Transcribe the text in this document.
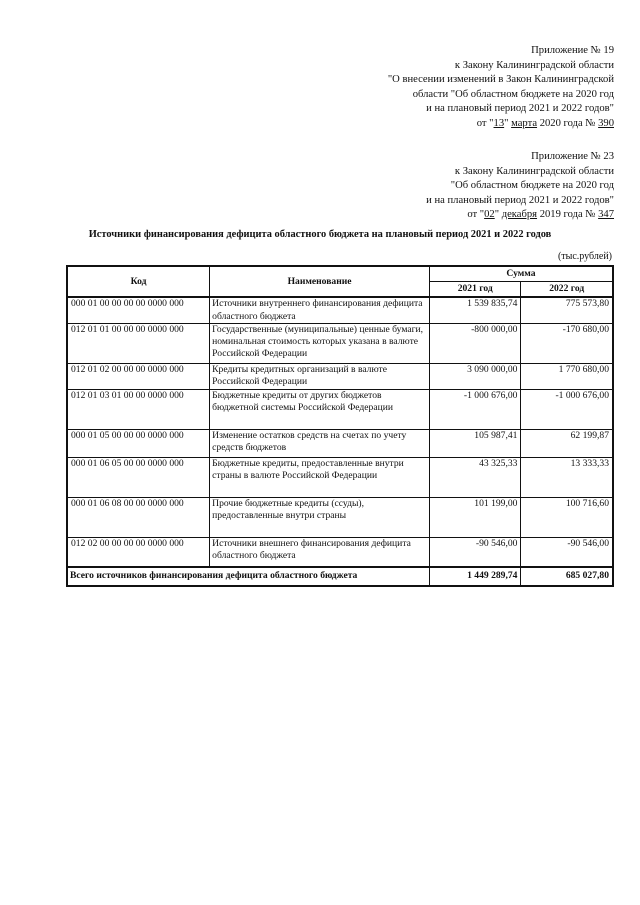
Приложение № 19
к Закону Калининградской области
"О внесении изменений в Закон Калининградской
области "Об областном бюджете на 2020 год
и на плановый период 2021 и 2022 годов"
от "13" марта 2020 года № 390
Приложение № 23
к Закону Калининградской области
"Об областном бюджете на 2020 год
и на плановый период 2021 и 2022 годов"
от "02" декабря 2019 года № 347
Источники финансирования дефицита областного бюджета на плановый период 2021 и 2022 годов
(тыс.рублей)
Код	Наименование	Сумма	
		2021 год	2022 год
000 01 00 00 00 00 0000 000	Источники внутреннего финансирования дефицита областного бюджета	1 539 835,74	775 573,80
012 01 01 00 00 00 0000 000	Государственные (муниципальные) ценные бумаги, номинальная стоимость которых указана в валюте Российской Федерации	-800 000,00	-170 680,00
012 01 02 00 00 00 0000 000	Кредиты кредитных организаций в валюте Российской Федерации	3 090 000,00	1 770 680,00
012 01 03 01 00 00 0000 000	Бюджетные кредиты от других бюджетов бюджетной системы Российской Федерации	-1 000 676,00	-1 000 676,00
000 01 05 00 00 00 0000 000	Изменение остатков средств на счетах по учету средств бюджетов	105 987,41	62 199,87
000 01 06 05 00 00 0000 000	Бюджетные кредиты, предоставленные внутри страны в валюте Российской Федерации	43 325,33	13 333,33
000 01 06 08 00 00 0000 000	Прочие бюджетные кредиты (ссуды), предоставленные внутри страны	101 199,00	100 716,60
012 02 00 00 00 00 0000 000	Источники внешнего финансирования дефицита областного бюджета	-90 546,00	-90 546,00
Всего источников финансирования дефицита областного бюджета		1 449 289,74	685 027,80
